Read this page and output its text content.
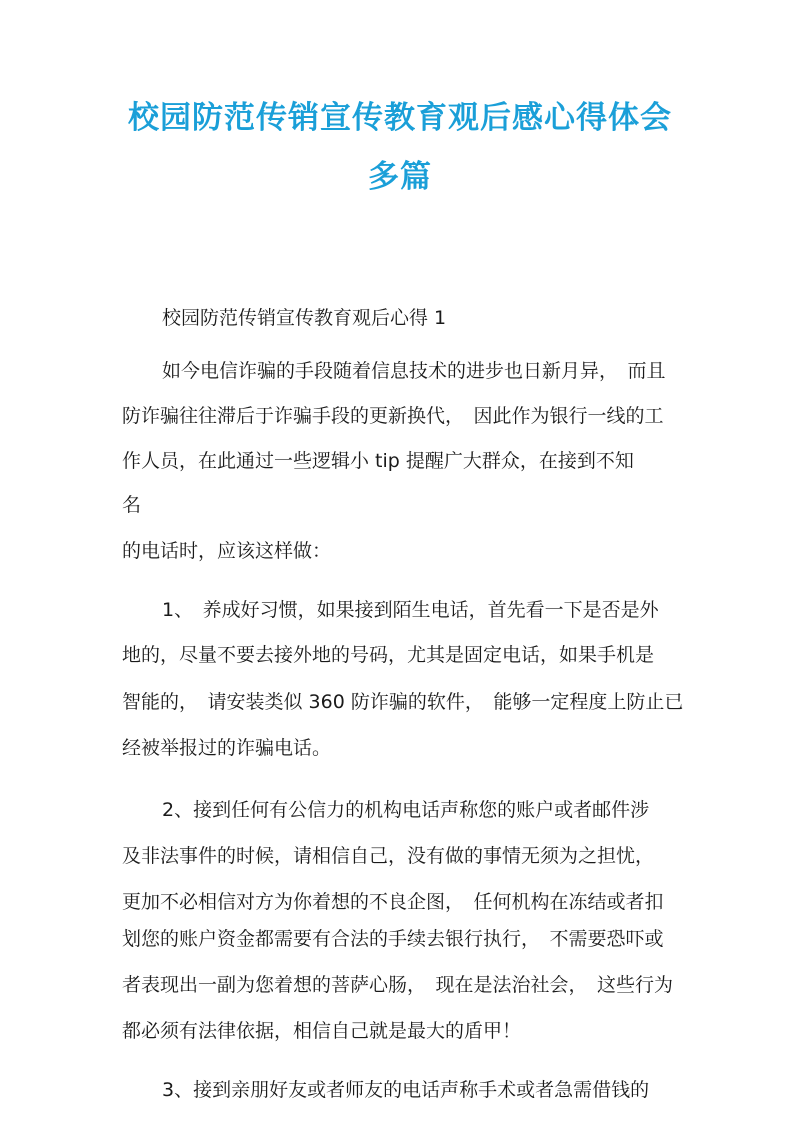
校园防范传销宣传教育观后感心得体会
多篇

校园防范传销宣传教育观后心得 1

如今电信诈骗的手段随着信息技术的进步也日新月异，　而且

防诈骗往往滞后于诈骗手段的更新换代，　因此作为银行一线的工

作人员，在此通过一些逻辑小 tip 提醒广大群众，在接到不知

名

的电话时，应该这样做：

1、　养成好习惯，如果接到陌生电话，首先看一下是否是外

地的，尽量不要去接外地的号码，尤其是固定电话，如果手机是

智能的，　请安装类似 360 防诈骗的软件，　能够一定程度上防止已

经被举报过的诈骗电话。

2、接到任何有公信力的机构电话声称您的账户或者邮件涉

及非法事件的时候，请相信自己，没有做的事情无须为之担忧，

更加不必相信对方为你着想的不良企图，　任何机构在冻结或者扣

划您的账户资金都需要有合法的手续去银行执行，　不需要恐吓或

者表现出一副为您着想的菩萨心肠，　现在是法治社会，　这些行为

都必须有法律依据，相信自己就是最大的盾甲！

3、接到亲朋好友或者师友的电话声称手术或者急需借钱的
